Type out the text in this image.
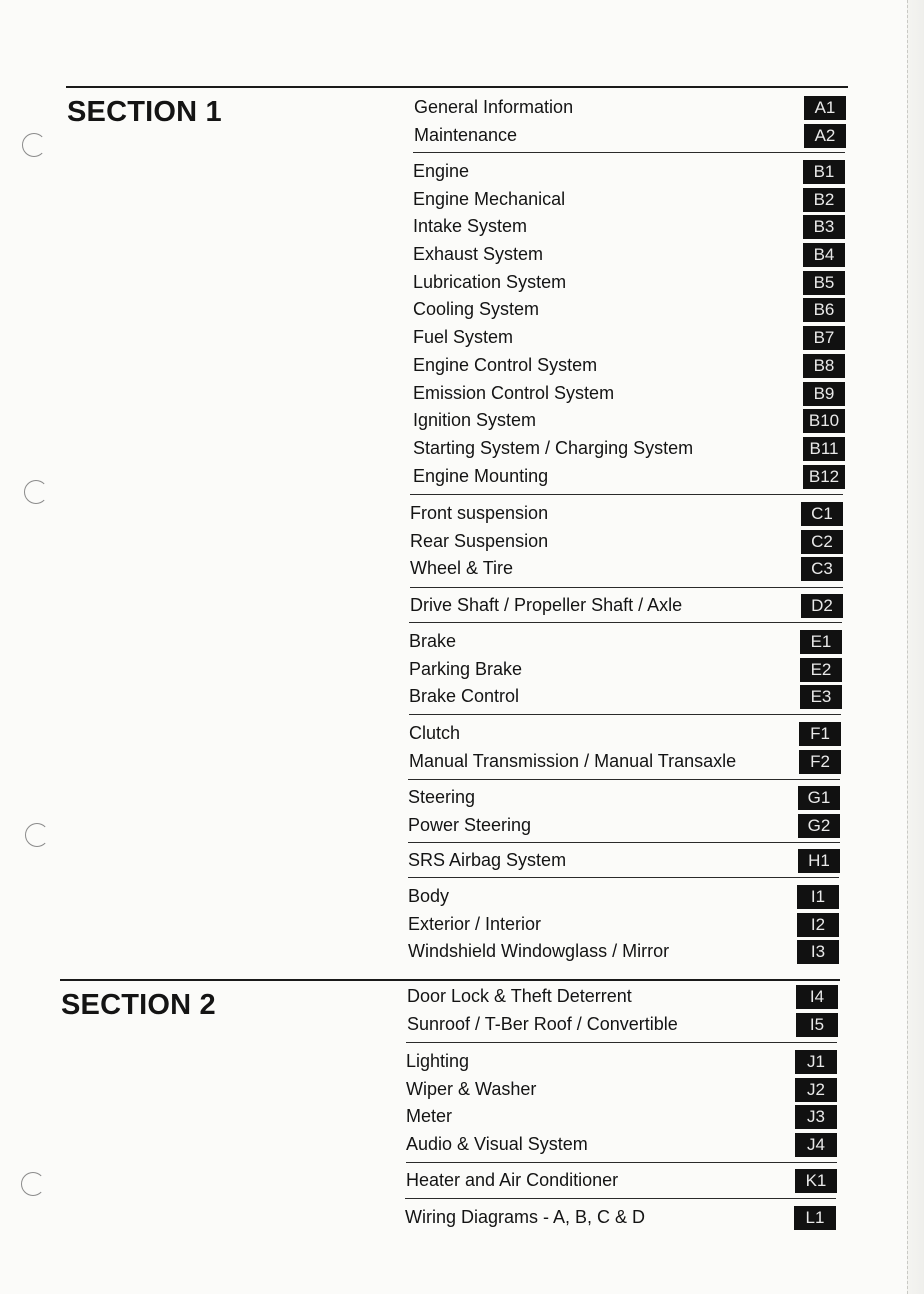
SECTION 1
SECTION 2
General Information	A1
Maintenance	A2
Engine	B1
Engine Mechanical	B2
Intake System	B3
Exhaust System	B4
Lubrication System	B5
Cooling System	B6
Fuel System	B7
Engine Control System	B8
Emission Control System	B9
Ignition System	B10
Starting System / Charging System	B11
Engine Mounting	B12
Front suspension	C1
Rear Suspension	C2
Wheel & Tire	C3
Drive Shaft / Propeller Shaft / Axle	D2
Brake	E1
Parking Brake	E2
Brake Control	E3
Clutch	F1
Manual Transmission / Manual Transaxle	F2
Steering	G1
Power Steering	G2
SRS Airbag System	H1
Body	I1
Exterior / Interior	I2
Windshield Windowglass / Mirror	I3
Door Lock & Theft Deterrent	I4
Sunroof / T-Ber Roof / Convertible	I5
Lighting	J1
Wiper & Washer	J2
Meter	J3
Audio & Visual System	J4
Heater and Air Conditioner	K1
Wiring Diagrams - A, B, C & D	L1
